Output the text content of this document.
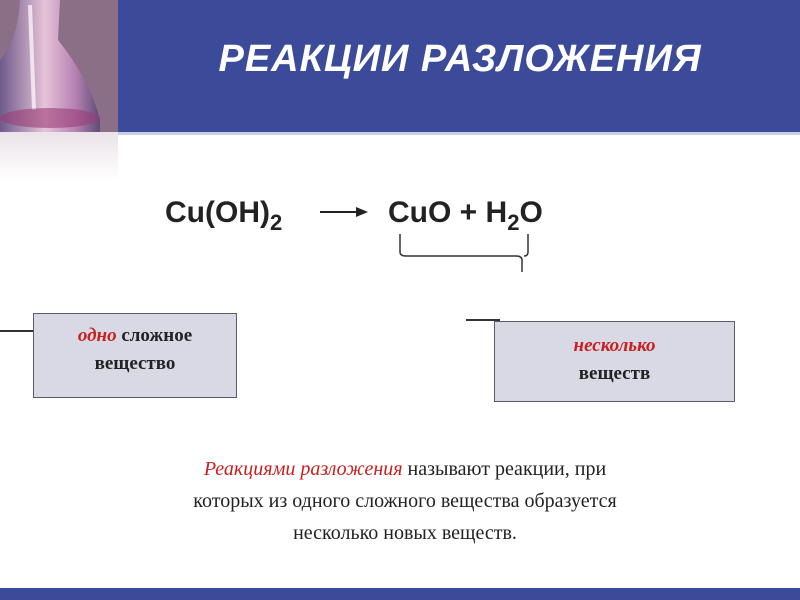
РЕАКЦИИ РАЗЛОЖЕНИЯ
$Cu(OH)_2$ → CuO + $H_2O$
одно сложное
вещество
несколько
веществ
Реакциями разложения называют реакции, при
которых из одного сложного вещества образуется
несколько новых веществ.
